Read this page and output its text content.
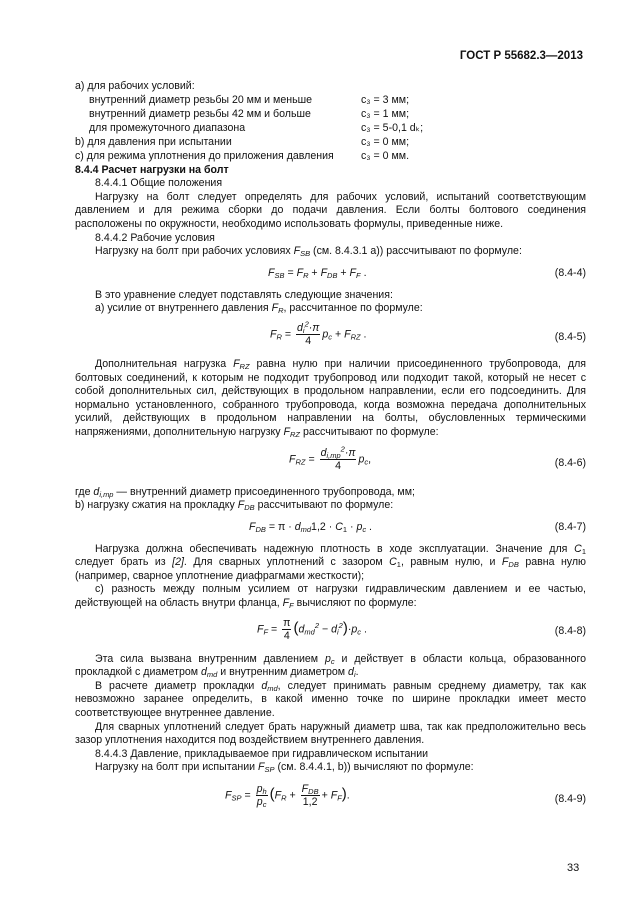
ГОСТ Р 55682.3—2013

а) для рабочих условий:

внутренний диаметр резьбы 20 мм и меньше	c₃ = 3 мм;
внутренний диаметр резьбы 42 мм и больше	c₃ = 1 мм;
для промежуточного диапазона	c₃ = 5-0,1 dₖ;
b) для давления при испытании	c₃ = 0 мм;
c) для режима уплотнения до приложения давления	c₃ = 0 мм.

8.4.4 Расчет нагрузки на болт

8.4.4.1 Общие положения

Нагрузку на болт следует определять для рабочих условий, испытаний соответствующим давлением и для режима сборки до подачи давления. Если болты болтового соединения расположены по окружности, необходимо использовать формулы, приведенные ниже.

8.4.4.2 Рабочие условия

Нагрузку на болт при рабочих условиях $F_{SB}$ (см. 8.4.3.1 а)) рассчитывают по формуле:

$F_{SB} = F_R + F_{DB} + F_F$ .	(8.4-4)

В это уравнение следует подставлять следующие значения:

а) усилие от внутреннего давления $F_R$, рассчитанное по формуле:

$F_R = \frac{d_i^2\cdot\pi}{4} p_c + F_{RZ}$ .	(8.4-5)

Дополнительная нагрузка $F_{RZ}$ равна нулю при наличии присоединенного трубопровода, для болтовых соединений, к которым не подходит трубопровод или подходит такой, который не несет с собой дополнительных сил, действующих в продольном направлении, если его подсоединить. Для нормально установленного, собранного трубопровода, когда возможна передача дополнительных усилий, действующих в продольном направлении на болты, обусловленных термическими напряжениями, дополнительную нагрузку $F_{RZ}$ рассчитывают по формуле:

$F_{RZ} = \frac{d_{i,mp}^2\cdot\pi}{4} p_c$,	(8.4-6)

где $d_{i,mp}$ — внутренний диаметр присоединенного трубопровода, мм;

b) нагрузку сжатия на прокладку $F_{DB}$ рассчитывают по формуле:

$F_{DB} = \pi \cdot d_{md}1,2 \cdot C_1 \cdot p_c$ .	(8.4-7)

Нагрузка должна обеспечивать надежную плотность в ходе эксплуатации. Значение для $C_1$ следует брать из [2]. Для сварных уплотнений с зазором $C_1$, равным нулю, и $F_{DB}$ равна нулю (например, сварное уплотнение диафрагмами жесткости);

c) разность между полным усилием от нагрузки гидравлическим давлением и ее частью, действующей на область внутри фланца, $F_F$ вычисляют по формуле:

$F_F = \frac{\pi}{4} (d_{md}^2 - d_i^2)\cdot p_c$ .	(8.4-8)

Эта сила вызвана внутренним давлением $p_c$ и действует в области кольца, образованного прокладкой с диаметром $d_{md}$ и внутренним диаметром $d_i$.

В расчете диаметр прокладки $d_{md}$, следует принимать равным среднему диаметру, так как невозможно заранее определить, в какой именно точке по ширине прокладки имеет место соответствующее внутреннее давление.

Для сварных уплотнений следует брать наружный диаметр шва, так как предположительно весь зазор уплотнения находится под воздействием внутреннего давления.

8.4.4.3 Давление, прикладываемое при гидравлическом испытании

Нагрузку на болт при испытании $F_{SP}$ (см. 8.4.4.1, b)) вычисляют по формуле:

$F_{SP} = \frac{p_h}{p_c} (F_R + \frac{F_{DB}}{1,2} + F_F)$.	(8.4-9)
33
